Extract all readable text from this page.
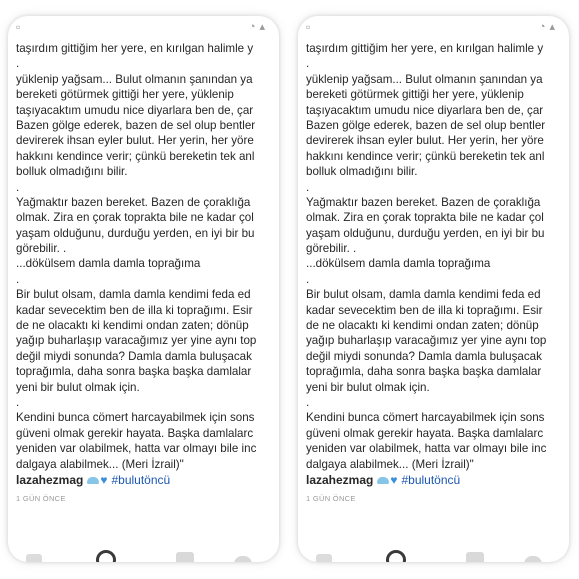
▫	◔ ▴
taşırdım gittiğim her yere, en kırılgan halimle y
.
yüklenip yağsam... Bulut olmanın şanından ya
bereketi götürmek gittiği her yere, yüklenip
taşıyacaktım umudu nice diyarlara ben de, çar
Bazen gölge ederek, bazen de sel olup bentler
devirerek ihsan eyler bulut. Her yerin, her yöre
hakkını kendince verir; çünkü bereketin tek anl
bolluk olmadığını bilir.
.
Yağmaktır bazen bereket. Bazen de çoraklığa
olmak. Zira en çorak toprakta bile ne kadar çol
yaşam olduğunu, durduğu yerden, en iyi bir bu
görebilir. .
...dökülsem damla damla toprağıma
.
Bir bulut olsam, damla damla kendimi feda ed
kadar sevecektim ben de illa ki toprağımı. Esir
de ne olacaktı ki kendimi ondan zaten; dönüp
yağıp buharlaşıp varacağımız yer yine aynı top
değil miydi sonunda? Damla damla buluşacak
toprağımla, daha sonra başka başka damlalar
yeni bir bulut olmak için.
.
Kendini bunca cömert harcayabilmek için sons
güveni olmak gerekir hayata. Başka damlalarc
yeniden var olabilmek, hatta var olmayı bile inc
dalgaya alabilmek... (Meri İzrail)"
lazahezmag ♥ #bulutöncü
1 GÜN ÖNCE
▫	◔ ▴
taşırdım gittiğim her yere, en kırılgan halimle y
.
yüklenip yağsam... Bulut olmanın şanından ya
bereketi götürmek gittiği her yere, yüklenip
taşıyacaktım umudu nice diyarlara ben de, çar
Bazen gölge ederek, bazen de sel olup bentler
devirerek ihsan eyler bulut. Her yerin, her yöre
hakkını kendince verir; çünkü bereketin tek anl
bolluk olmadığını bilir.
.
Yağmaktır bazen bereket. Bazen de çoraklığa
olmak. Zira en çorak toprakta bile ne kadar çol
yaşam olduğunu, durduğu yerden, en iyi bir bu
görebilir. .
...dökülsem damla damla toprağıma
.
Bir bulut olsam, damla damla kendimi feda ed
kadar sevecektim ben de illa ki toprağımı. Esir
de ne olacaktı ki kendimi ondan zaten; dönüp
yağıp buharlaşıp varacağımız yer yine aynı top
değil miydi sonunda? Damla damla buluşacak
toprağımla, daha sonra başka başka damlalar
yeni bir bulut olmak için.
.
Kendini bunca cömert harcayabilmek için sons
güveni olmak gerekir hayata. Başka damlalarc
yeniden var olabilmek, hatta var olmayı bile inc
dalgaya alabilmek... (Meri İzrail)"
lazahezmag ♥ #bulutöncü
1 GÜN ÖNCE
